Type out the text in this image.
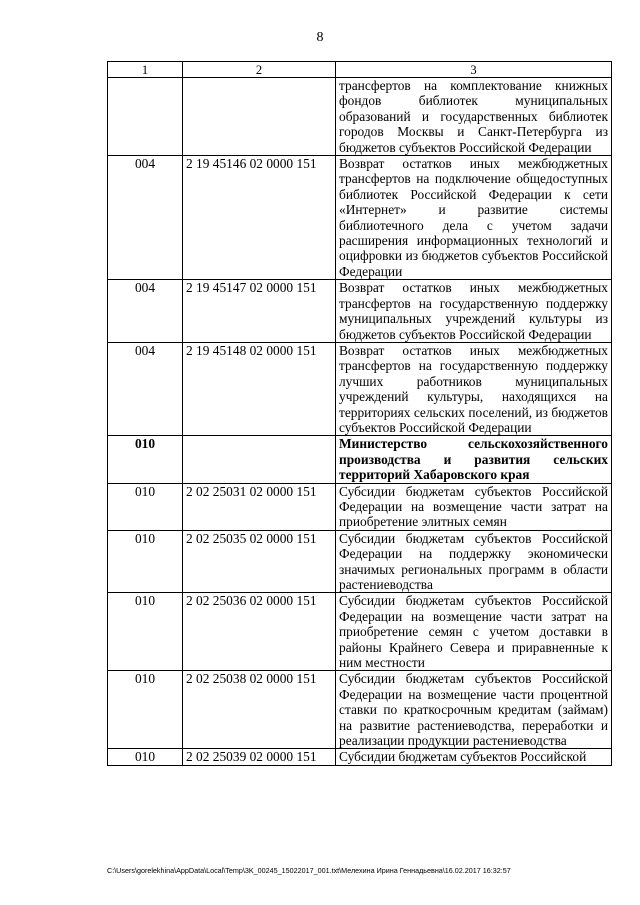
8
1	2	3
		трансфертов на комплектование книжных фондов библиотек муниципальных образований и государственных библиотек городов Москвы и Санкт-Петербурга из бюджетов субъектов Российской Федерации
004	2 19 45146 02 0000 151	Возврат остатков иных межбюджетных трансфертов на подключение общедоступных библиотек Российской Федерации к сети «Интернет» и развитие системы библиотечного дела с учетом задачи расширения информационных технологий и оцифровки из бюджетов субъектов Российской Федерации
004	2 19 45147 02 0000 151	Возврат остатков иных межбюджетных трансфертов на государственную поддержку муниципальных учреждений культуры из бюджетов субъектов Российской Федерации
004	2 19 45148 02 0000 151	Возврат остатков иных межбюджетных трансфертов на государственную поддержку лучших работников муниципальных учреждений культуры, находящихся на территориях сельских поселений, из бюджетов субъектов Российской Федерации
010		Министерство сельскохозяйственного производства и развития сельских территорий Хабаровского края
010	2 02 25031 02 0000 151	Субсидии бюджетам субъектов Российской Федерации на возмещение части затрат на приобретение элитных семян
010	2 02 25035 02 0000 151	Субсидии бюджетам субъектов Российской Федерации на поддержку экономически значимых региональных программ в области растениеводства
010	2 02 25036 02 0000 151	Субсидии бюджетам субъектов Российской Федерации на возмещение части затрат на приобретение семян с учетом доставки в районы Крайнего Севера и приравненные к ним местности
010	2 02 25038 02 0000 151	Субсидии бюджетам субъектов Российской Федерации на возмещение части процентной ставки по краткосрочным кредитам (займам) на развитие растениеводства, переработки и реализации продукции растениеводства
010	2 02 25039 02 0000 151	Субсидии бюджетам субъектов Российской
C:\Users\gorelekhina\AppData\Local\Temp\3K_00245_15022017_001.txt\Мелехина Ирина Геннадьевна\16.02.2017 16:32:57
